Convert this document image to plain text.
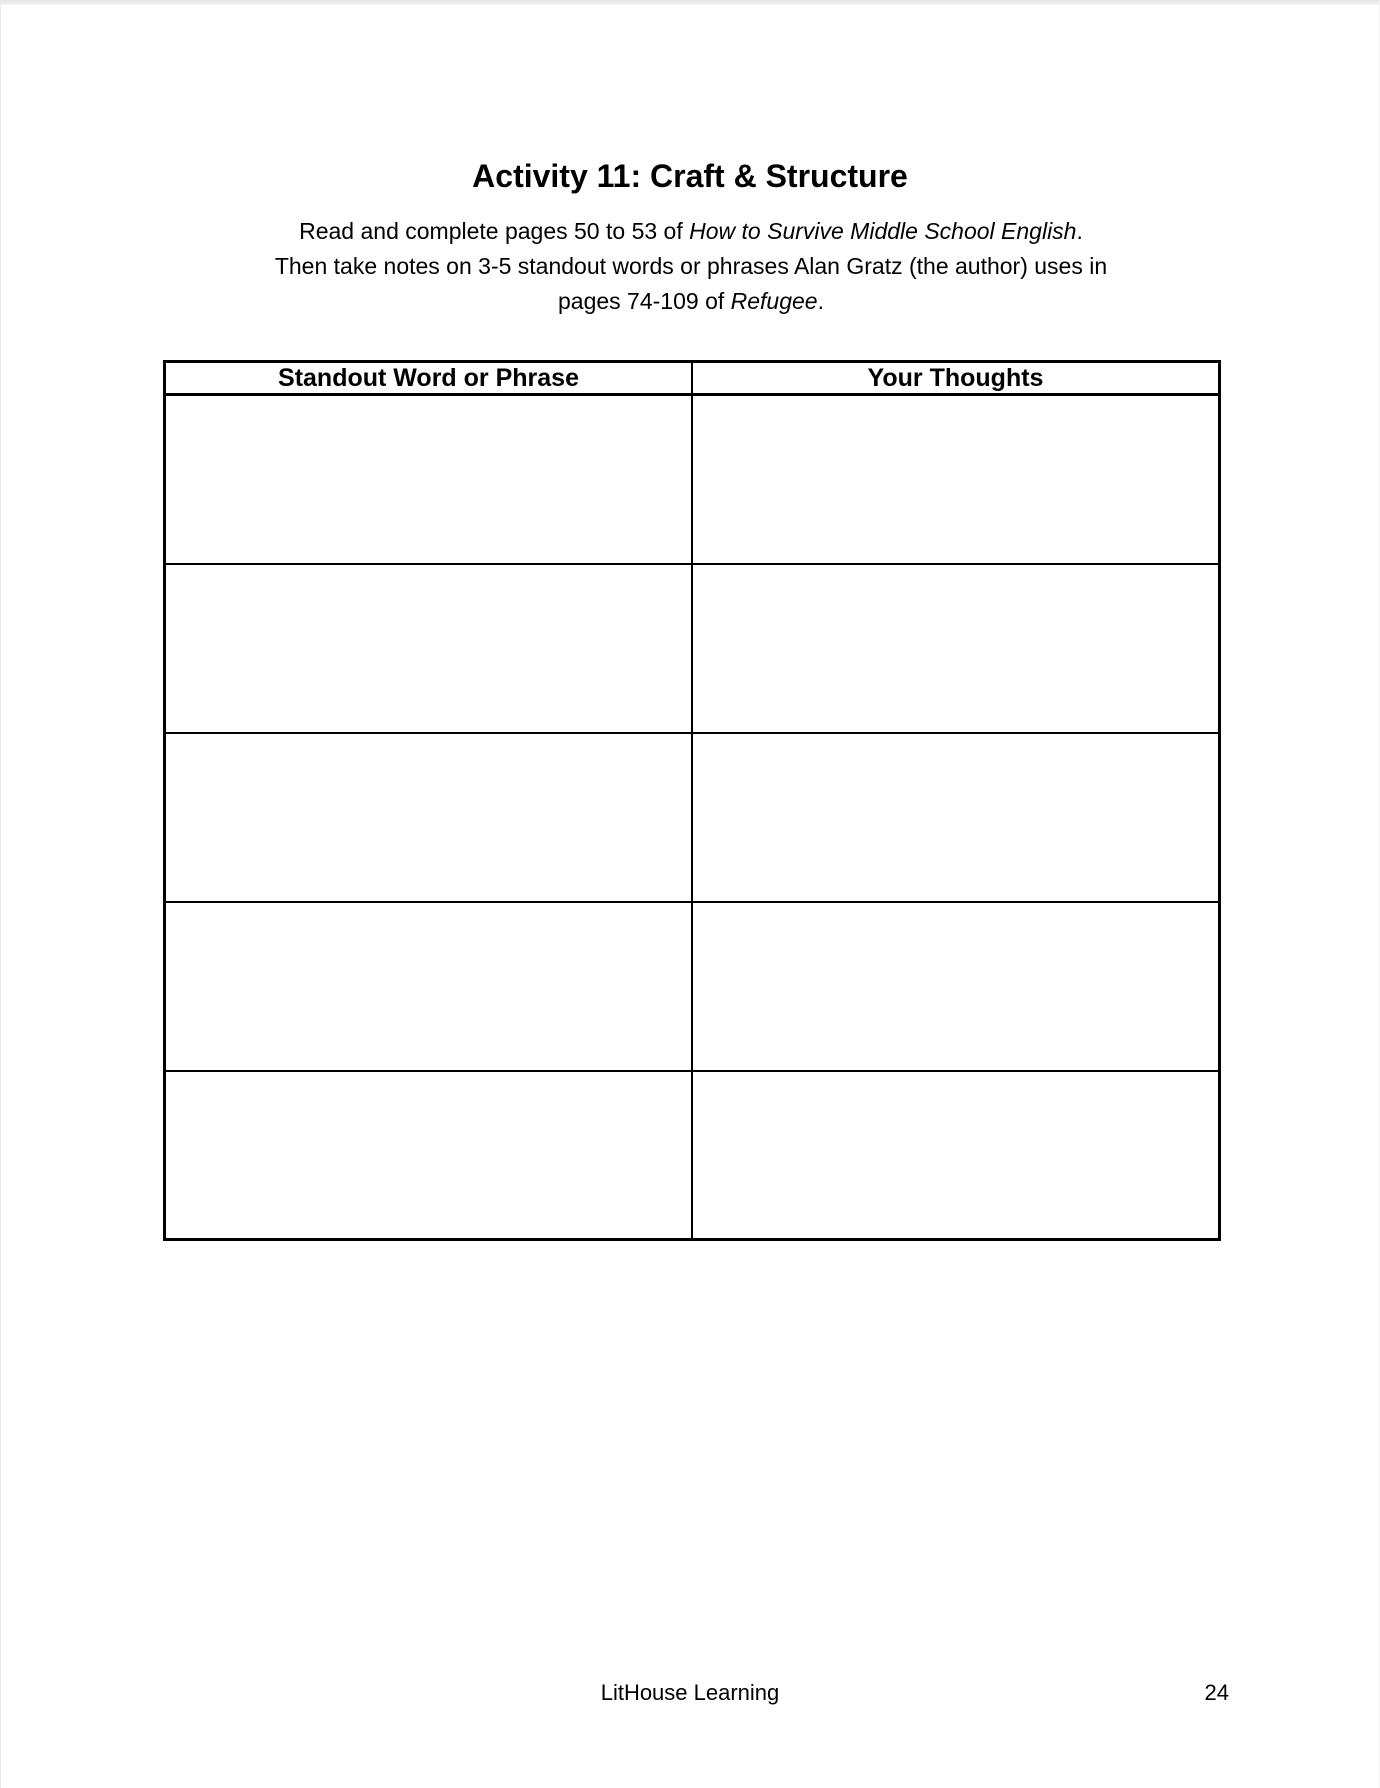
Activity 11: Craft & Structure
Read and complete pages 50 to 53 of How to Survive Middle School English.
Then take notes on 3-5 standout words or phrases Alan Gratz (the author) uses in
pages 74-109 of Refugee.
Standout Word or Phrase	Your Thoughts

LitHouse Learning	24
